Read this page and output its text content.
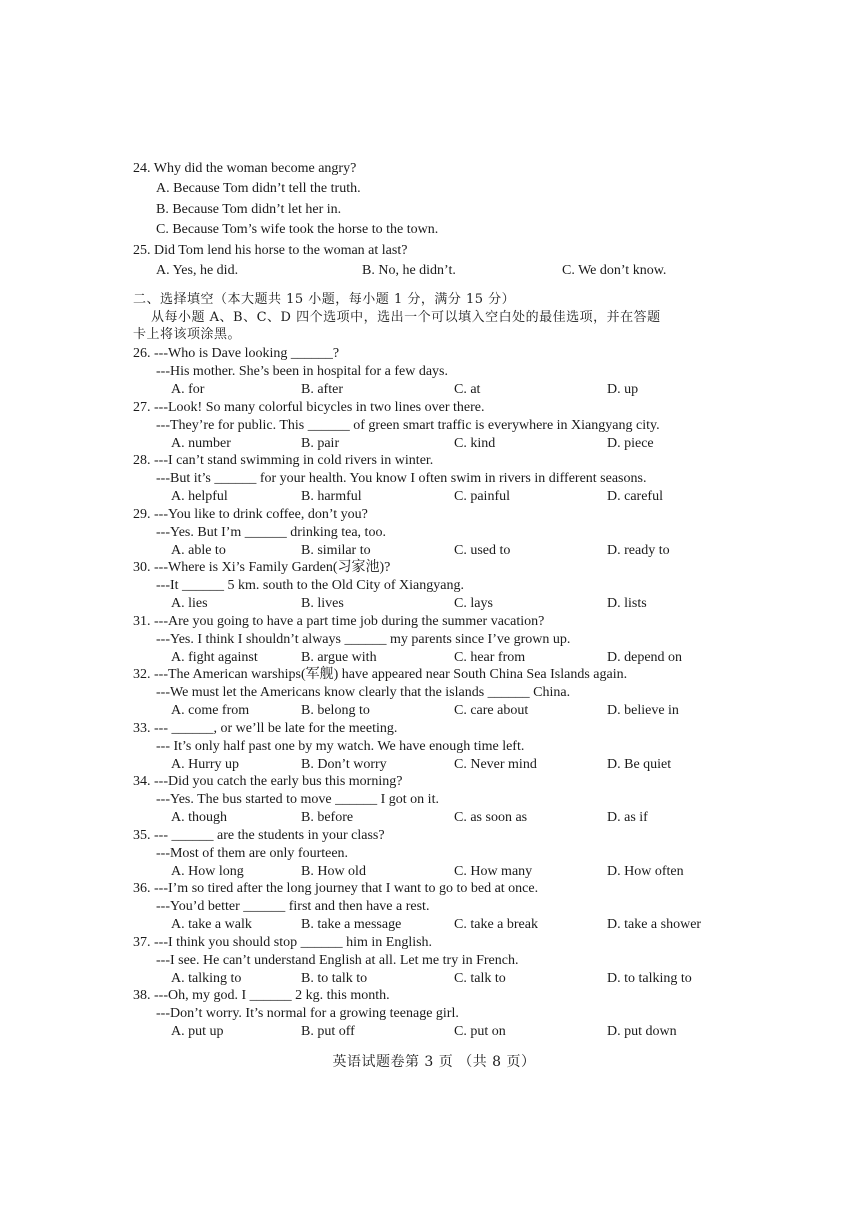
24. Why did the woman become angry?
A. Because Tom didn’t tell the truth.
B. Because Tom didn’t let her in.
C. Because Tom’s wife took the horse to the town.
25. Did Tom lend his horse to the woman at last?
A. Yes, he did.	B. No, he didn’t.	C. We don’t know.
二、选择填空（本大题共 15 小题，每小题 1 分，满分 15 分）
从每小题 A、B、C、D 四个选项中，选出一个可以填入空白处的最佳选项，并在答题
卡上将该项涂黑。
26. ---Who is Dave looking ______?
---His mother. She’s been in hospital for a few days.
A. for	B. after	C. at	D. up
27. ---Look! So many colorful bicycles in two lines over there.
---They’re for public. This ______ of green smart traffic is everywhere in Xiangyang city.
A. number	B. pair	C. kind	D. piece
28. ---I can’t stand swimming in cold rivers in winter.
---But it’s ______ for your health. You know I often swim in rivers in different seasons.
A. helpful	B. harmful	C. painful	D. careful
29. ---You like to drink coffee, don’t you?
---Yes. But I’m ______ drinking tea, too.
A. able to	B. similar to	C. used to	D. ready to
30. ---Where is Xi’s Family Garden(习家池)?
---It ______ 5 km. south to the Old City of Xiangyang.
A. lies	B. lives	C. lays	D. lists
31. ---Are you going to have a part time job during the summer vacation?
---Yes. I think I shouldn’t always ______ my parents since I’ve grown up.
A. fight against	B. argue with	C. hear from	D. depend on
32. ---The American warships(军舰) have appeared near South China Sea Islands again.
---We must let the Americans know clearly that the islands ______ China.
A. come from	B. belong to	C. care about	D. believe in
33. --- ______, or we’ll be late for the meeting.
--- It’s only half past one by my watch. We have enough time left.
A. Hurry up	B. Don’t worry	C. Never mind	D. Be quiet
34. ---Did you catch the early bus this morning?
---Yes. The bus started to move ______ I got on it.
A. though	B. before	C. as soon as	D. as if
35. --- ______ are the students in your class?
---Most of them are only fourteen.
A. How long	B. How old	C. How many	D. How often
36. ---I’m so tired after the long journey that I want to go to bed at once.
---You’d better ______ first and then have a rest.
A. take a walk	B. take a message	C. take a break	D. take a shower
37. ---I think you should stop ______ him in English.
---I see. He can’t understand English at all. Let me try in French.
A. talking to	B. to talk to	C. talk to	D. to talking to
38. ---Oh, my god. I ______ 2 kg. this month.
---Don’t worry. It’s normal for a growing teenage girl.
A. put up	B. put off	C. put on	D. put down
英语试题卷第 3 页 （共 8 页）
